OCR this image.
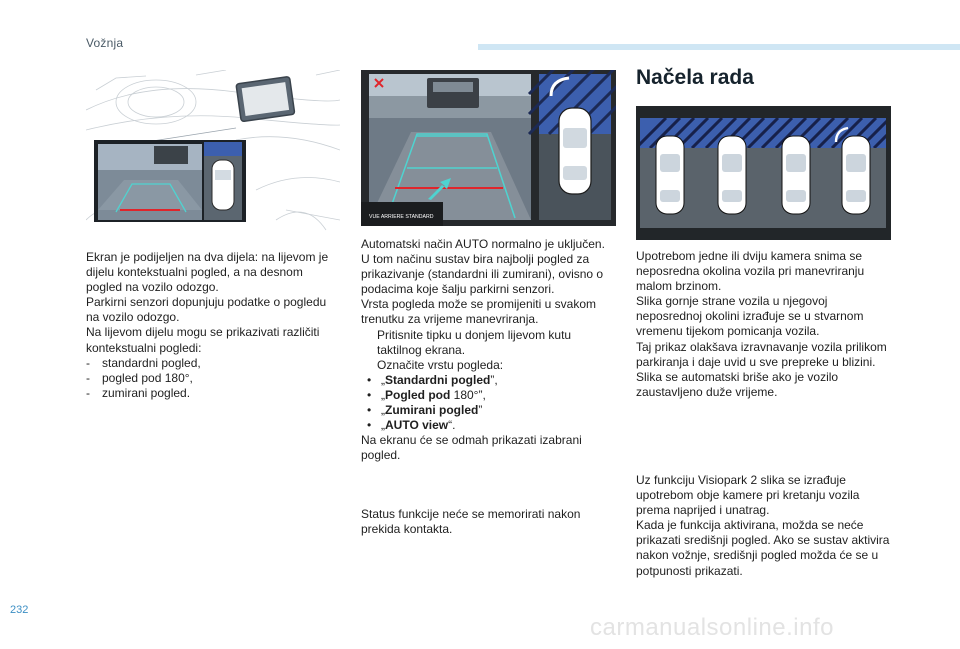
Vožnja
232
carmanualsonline.info
VUE ARRIERE STANDARD

Ekran je podijeljen na dva dijela: na lijevom je dijelu kontekstualni pogled, a na desnom pogled na vozilo odozgo.

Parkirni senzori dopunjuju podatke o pogledu na vozilo odozgo.

Na lijevom dijelu mogu se prikazivati različiti kontekstualni pogledi:

- standardni pogled,

- pogled pod 180°,

- zumirani pogled.

Automatski način AUTO normalno je uključen.

U tom načinu sustav bira najbolji pogled za prikazivanje (standardni ili zumirani), ovisno o podacima koje šalju parkirni senzori.

Vrsta pogleda može se promijeniti u svakom trenutku za vrijeme manevriranja.

Pritisnite tipku u donjem lijevom kutu taktilnog ekrana.

Označite vrstu pogleda:

• „Standardni pogled”,

• „Pogled pod 180°”,

• „Zumirani pogled”

• „AUTO view“.

Na ekranu će se odmah prikazati izabrani pogled.

Status funkcije neće se memorirati nakon prekida kontakta.

Načela rada

Upotrebom jedne ili dviju kamera snima se neposredna okolina vozila pri manevriranju malom brzinom.

Slika gornje strane vozila u njegovoj neposrednoj okolini izrađuje se u stvarnom vremenu tijekom pomicanja vozila.

Taj prikaz olakšava izravnavanje vozila prilikom parkiranja i daje uvid u sve prepreke u blizini.

Slika se automatski briše ako je vozilo zaustavljeno duže vrijeme.

Uz funkciju Visiopark 2 slika se izrađuje upotrebom obje kamere pri kretanju vozila prema naprijed i unatrag.

Kada je funkcija aktivirana, možda se neće prikazati središnji pogled. Ako se sustav aktivira nakon vožnje, središnji pogled možda će se u potpunosti prikazati.
